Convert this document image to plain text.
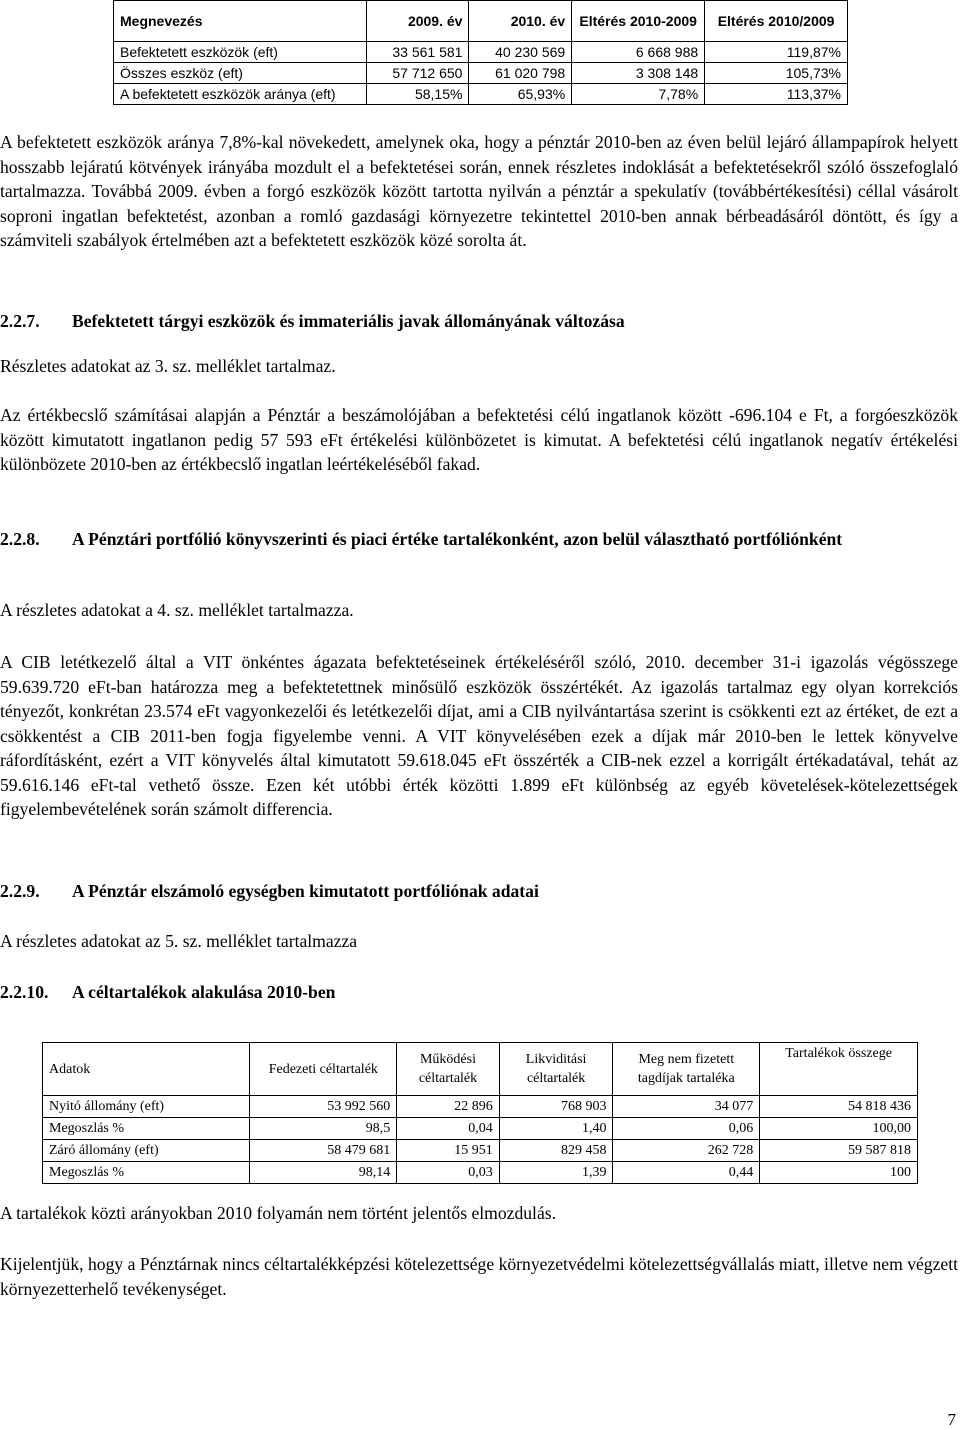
Megnevezés	2009. év	2010. év	Eltérés 2010-2009	Eltérés 2010/2009
Befektetett eszközök (eft)	33 561 581	40 230 569	6 668 988	119,87%
Összes eszköz (eft)	57 712 650	61 020 798	3 308 148	105,73%
A befektetett eszközök aránya (eft)	58,15%	65,93%	7,78%	113,37%

A befektetett eszközök aránya 7,8%-kal növekedett, amelynek oka, hogy a pénztár 2010-ben az éven belül lejáró állampapírok helyett hosszabb lejáratú kötvények irányába mozdult el a befektetései során, ennek részletes indoklását a befektetésekről szóló összefoglaló tartalmazza. Továbbá 2009. évben a forgó eszközök között tartotta nyilván a pénztár a spekulatív (továbbértékesítési) céllal vásárolt soproni ingatlan befektetést, azonban a romló gazdasági környezetre tekintettel 2010-ben annak bérbeadásáról döntött, és így a számviteli szabályok értelmében azt a befektetett eszközök közé sorolta át.

2.2.7.	Befektetett tárgyi eszközök és immateriális javak állományának változása

Részletes adatokat az 3. sz. melléklet tartalmaz.

Az értékbecslő számításai alapján a Pénztár a beszámolójában a befektetési célú ingatlanok között -696.104 e Ft, a forgóeszközök között kimutatott ingatlanon pedig 57 593 eFt értékelési különbözetet is kimutat. A befektetési célú ingatlanok negatív értékelési különbözete 2010-ben az értékbecslő ingatlan leértékeléséből fakad.

2.2.8.	A Pénztári portfólió könyvszerinti és piaci értéke tartalékonként, azon belül választható portfóliónként

A részletes adatokat a 4. sz. melléklet tartalmazza.

A CIB letétkezelő által a VIT önkéntes ágazata befektetéseinek értékeléséről szóló, 2010. december 31-i igazolás végösszege 59.639.720 eFt-ban határozza meg a befektetettnek minősülő eszközök összértékét. Az igazolás tartalmaz egy olyan korrekciós tényezőt, konkrétan 23.574 eFt vagyonkezelői és letétkezelői díjat, ami a CIB nyilvántartása szerint is csökkenti ezt az értéket, de ezt a csökkentést a CIB 2011-ben fogja figyelembe venni. A VIT könyvelésében ezek a díjak már 2010-ben le lettek könyvelve ráfordításként, ezért a VIT könyvelés által kimutatott 59.618.045 eFt összérték a CIB-nek ezzel a korrigált értékadatával, tehát az 59.616.146 eFt-tal vethető össze. Ezen két utóbbi érték közötti 1.899 eFt különbség az egyéb követelések-kötelezettségek figyelembevételének során számolt differencia.

2.2.9.	A Pénztár elszámoló egységben kimutatott portfóliónak adatai

A részletes adatokat az 5. sz. melléklet tartalmazza

2.2.10.	A céltartalékok alakulása 2010-ben
Adatok	Fedezeti céltartalék	Működési céltartalék	Likviditási céltartalék	Meg nem fizetett tagdíjak tartaléka	Tartalékok összege
Nyitó állomány (eft)	53 992 560	22 896	768 903	34 077	54 818 436
Megoszlás %	98,5	0,04	1,40	0,06	100,00
Záró állomány (eft)	58 479 681	15 951	829 458	262 728	59 587 818
Megoszlás %	98,14	0,03	1,39	0,44	100

A tartalékok közti arányokban 2010 folyamán nem történt jelentős elmozdulás.

Kijelentjük, hogy a Pénztárnak nincs céltartalékképzési kötelezettsége környezetvédelmi kötelezettségvállalás miatt, illetve nem végzett környezetterhelő tevékenységet.

7
